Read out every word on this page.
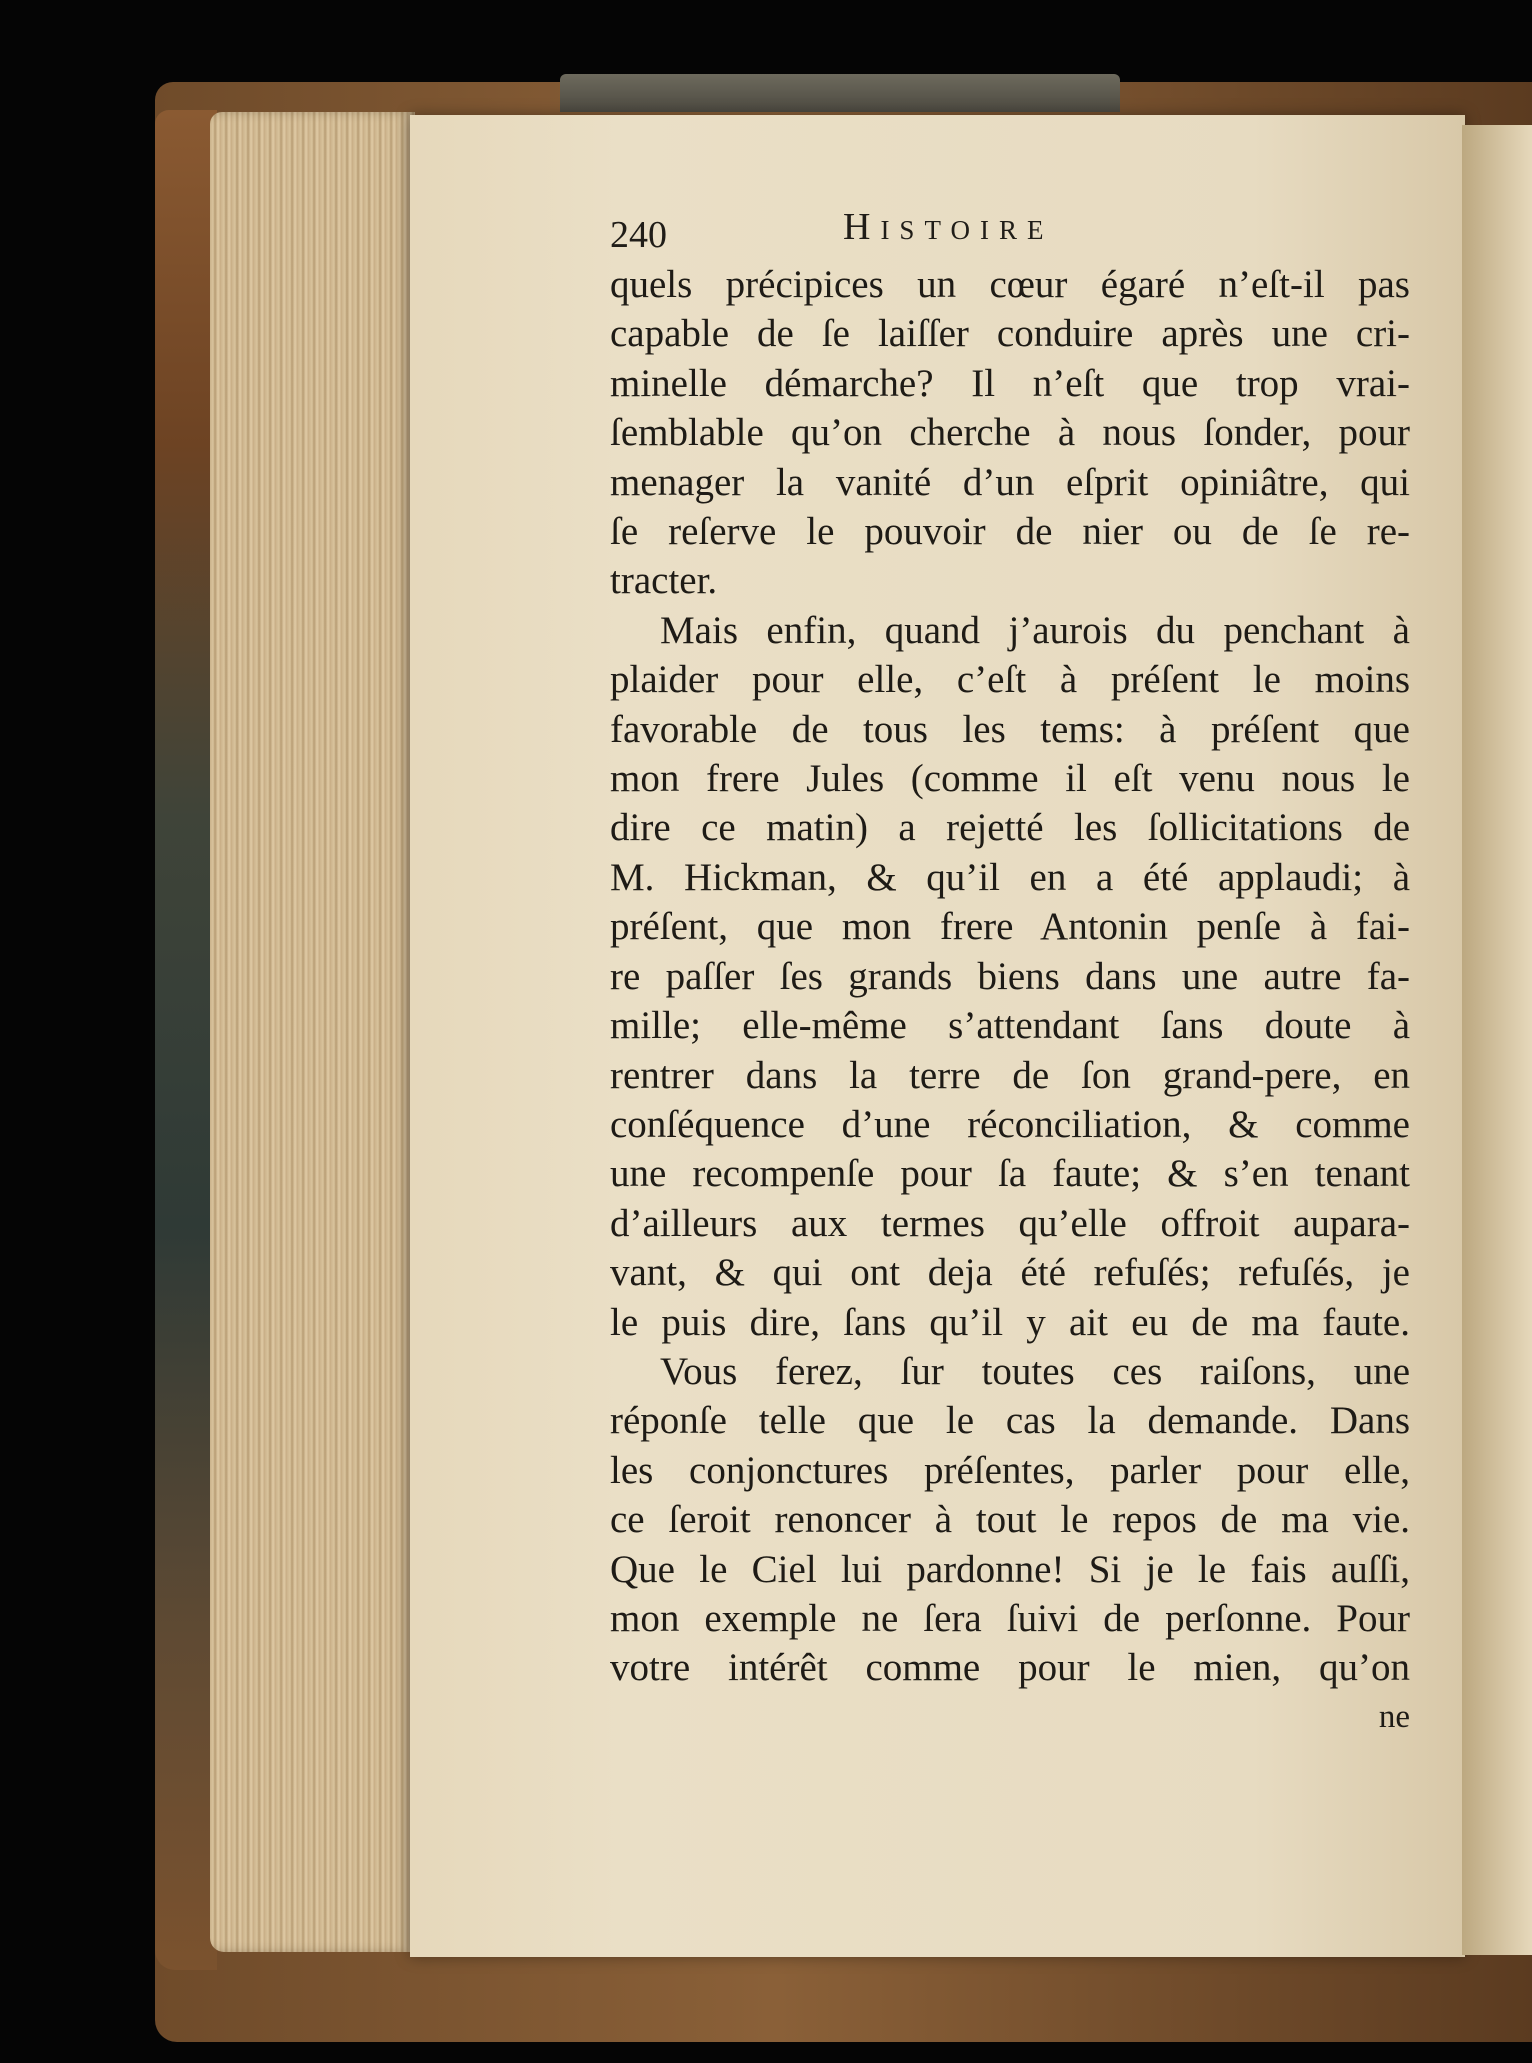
240	Histoire
quels précipices un cœur égaré n’eſt-il pas
capable de ſe laiſſer conduire après une cri-
minelle démarche? Il n’eſt que trop vrai-
ſemblable qu’on cherche à nous ſonder, pour
menager la vanité d’un eſprit opiniâtre, qui
ſe reſerve le pouvoir de nier ou de ſe re-
tracter.
Mais enfin, quand j’aurois du penchant à
plaider pour elle, c’eſt à préſent le moins
favorable de tous les tems: à préſent que
mon frere Jules (comme il eſt venu nous le
dire ce matin) a rejetté les ſollicitations de
M. Hickman, & qu’il en a été applaudi; à
préſent, que mon frere Antonin penſe à fai-
re paſſer ſes grands biens dans une autre fa-
mille; elle-même s’attendant ſans doute à
rentrer dans la terre de ſon grand-pere, en
conſéquence d’une réconciliation, & comme
une recompenſe pour ſa faute; & s’en tenant
d’ailleurs aux termes qu’elle offroit aupara-
vant, & qui ont deja été refuſés; refuſés, je
le puis dire, ſans qu’il y ait eu de ma faute.
Vous ferez, ſur toutes ces raiſons, une
réponſe telle que le cas la demande. Dans
les conjonctures préſentes, parler pour elle,
ce ſeroit renoncer à tout le repos de ma vie.
Que le Ciel lui pardonne! Si je le fais auſſi,
mon exemple ne ſera ſuivi de perſonne. Pour
votre intérêt comme pour le mien, qu’on
ne
